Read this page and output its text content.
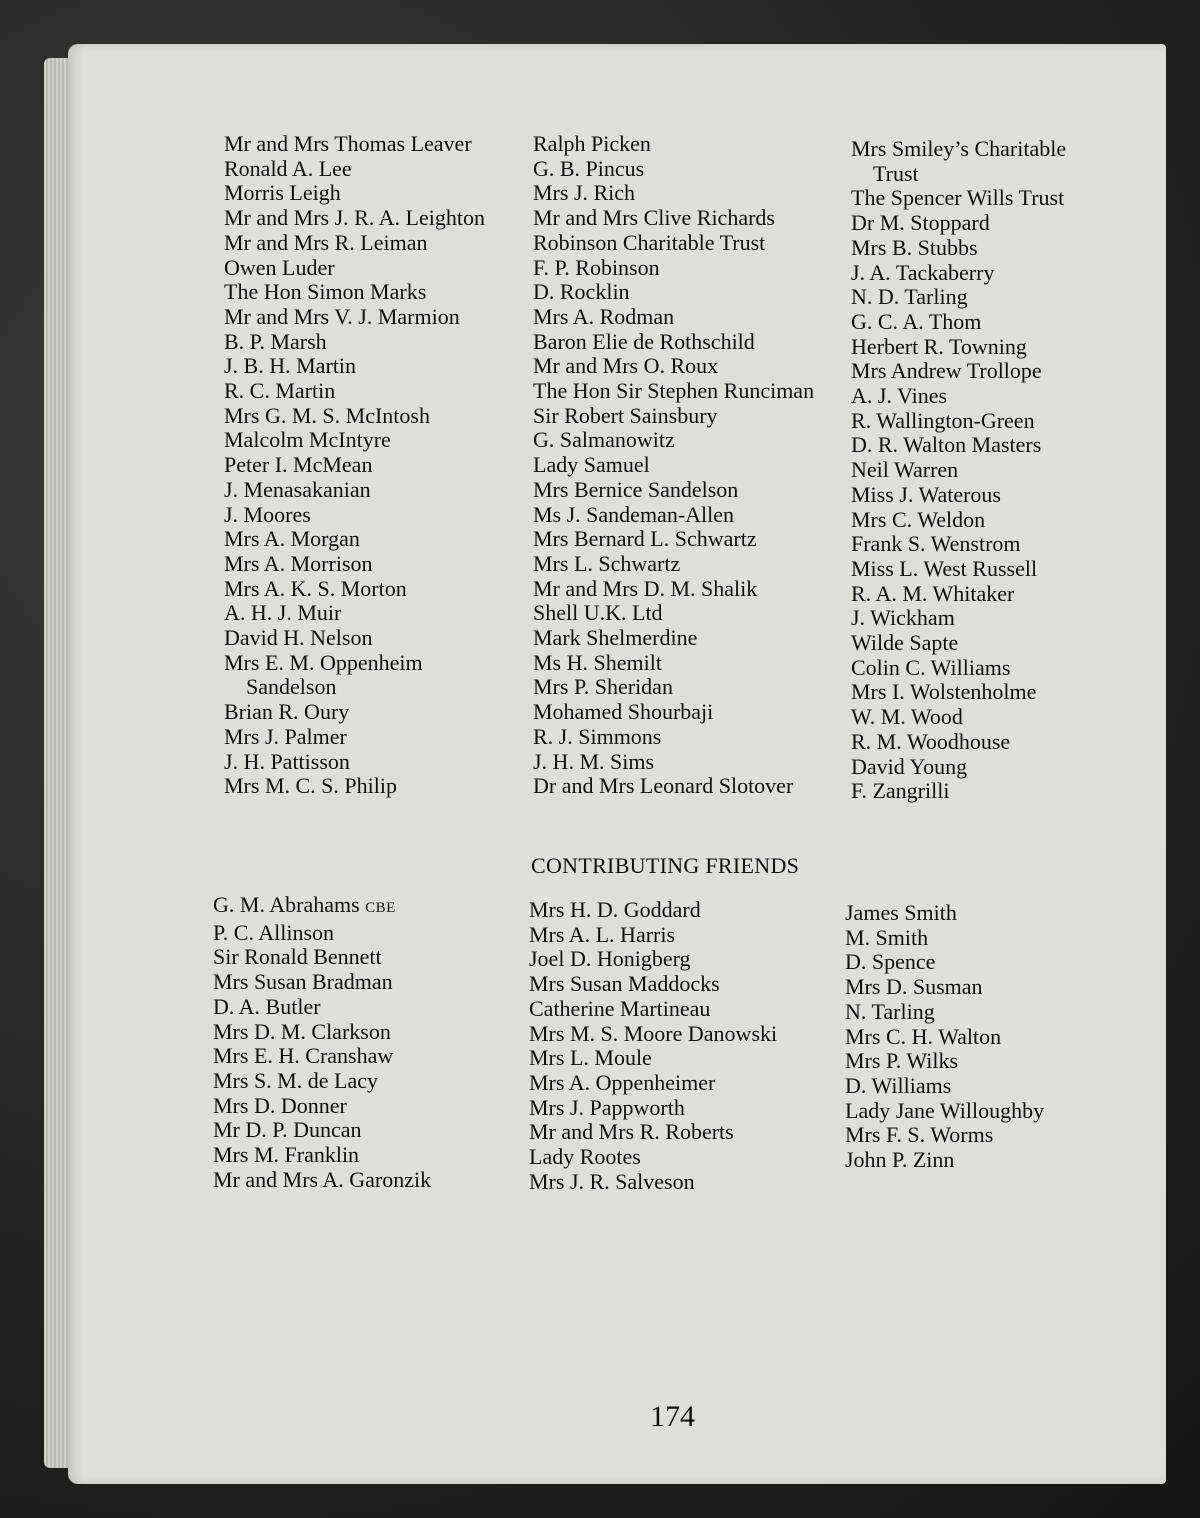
Mr and Mrs Thomas Leaver
Ronald A. Lee
Morris Leigh
Mr and Mrs J. R. A. Leighton
Mr and Mrs R. Leiman
Owen Luder
The Hon Simon Marks
Mr and Mrs V. J. Marmion
B. P. Marsh
J. B. H. Martin
R. C. Martin
Mrs G. M. S. McIntosh
Malcolm McIntyre
Peter I. McMean
J. Menasakanian
J. Moores
Mrs A. Morgan
Mrs A. Morrison
Mrs A. K. S. Morton
A. H. J. Muir
David H. Nelson
Mrs E. M. Oppenheim Sandelson
Brian R. Oury
Mrs J. Palmer
J. H. Pattisson
Mrs M. C. S. Philip
Ralph Picken
G. B. Pincus
Mrs J. Rich
Mr and Mrs Clive Richards
Robinson Charitable Trust
F. P. Robinson
D. Rocklin
Mrs A. Rodman
Baron Elie de Rothschild
Mr and Mrs O. Roux
The Hon Sir Stephen Runciman
Sir Robert Sainsbury
G. Salmanowitz
Lady Samuel
Mrs Bernice Sandelson
Ms J. Sandeman-Allen
Mrs Bernard L. Schwartz
Mrs L. Schwartz
Mr and Mrs D. M. Shalik
Shell U.K. Ltd
Mark Shelmerdine
Ms H. Shemilt
Mrs P. Sheridan
Mohamed Shourbaji
R. J. Simmons
J. H. M. Sims
Dr and Mrs Leonard Slotover
Mrs Smiley’s Charitable Trust
The Spencer Wills Trust
Dr M. Stoppard
Mrs B. Stubbs
J. A. Tackaberry
N. D. Tarling
G. C. A. Thom
Herbert R. Towning
Mrs Andrew Trollope
A. J. Vines
R. Wallington-Green
D. R. Walton Masters
Neil Warren
Miss J. Waterous
Mrs C. Weldon
Frank S. Wenstrom
Miss L. West Russell
R. A. M. Whitaker
J. Wickham
Wilde Sapte
Colin C. Williams
Mrs I. Wolstenholme
W. M. Wood
R. M. Woodhouse
David Young
F. Zangrilli
CONTRIBUTING FRIENDS
G. M. Abrahams CBE
P. C. Allinson
Sir Ronald Bennett
Mrs Susan Bradman
D. A. Butler
Mrs D. M. Clarkson
Mrs E. H. Cranshaw
Mrs S. M. de Lacy
Mrs D. Donner
Mr D. P. Duncan
Mrs M. Franklin
Mr and Mrs A. Garonzik
Mrs H. D. Goddard
Mrs A. L. Harris
Joel D. Honigberg
Mrs Susan Maddocks
Catherine Martineau
Mrs M. S. Moore Danowski
Mrs L. Moule
Mrs A. Oppenheimer
Mrs J. Pappworth
Mr and Mrs R. Roberts
Lady Rootes
Mrs J. R. Salveson
James Smith
M. Smith
D. Spence
Mrs D. Susman
N. Tarling
Mrs C. H. Walton
Mrs P. Wilks
D. Williams
Lady Jane Willoughby
Mrs F. S. Worms
John P. Zinn
174
